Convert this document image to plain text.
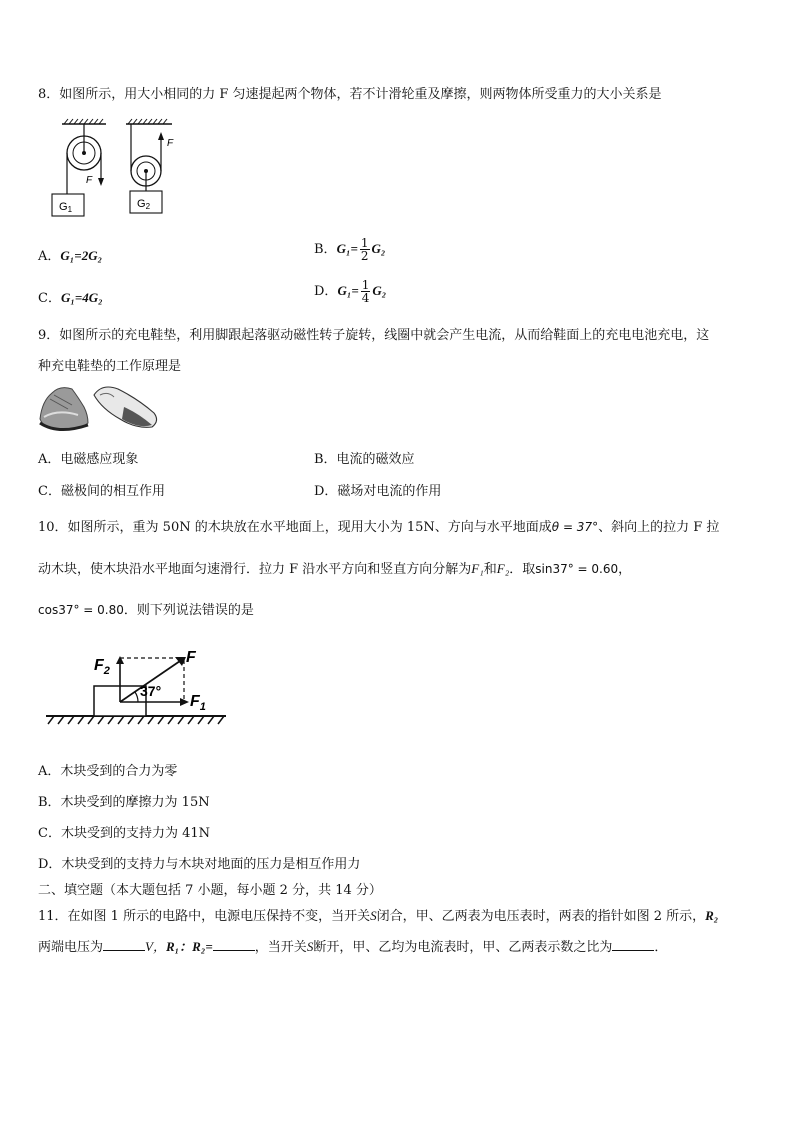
8．如图所示，用大小相同的力 F 匀速提起两个物体，若不计滑轮重及摩擦，则两物体所受重力的大小关系是
F
G1
F
G2
A．G₁=2G₂	B．$G_1= \frac{1}{2} G_2$
C．G₁=4G₂	D．$G_1= \frac{1}{4} G_2$
9．如图所示的充电鞋垫，利用脚跟起落驱动磁性转子旋转，线圈中就会产生电流，从而给鞋面上的充电电池充电，这
种充电鞋垫的工作原理是
A．电磁感应现象	B．电流的磁效应
C．磁极间的相互作用	D．磁场对电流的作用
10．如图所示，重为 50N 的木块放在水平地面上，现用大小为 15N、方向与水平地面成θ = 37°、斜向上的拉力 F 拉
动木块，使木块沿水平地面匀速滑行．拉力 F 沿水平方向和竖直方向分解为F₁和F₂．取sin37° = 0.60，
cos37° = 0.80．则下列说法错误的是
37°
$F_2$
F
$F_1$
A．木块受到的合力为零
B．木块受到的摩擦力为 15N
C．木块受到的支持力为 41N
D．木块受到的支持力与木块对地面的压力是相互作用力
二、填空题（本大题包括 7 小题，每小题 2 分，共 14 分）
11．在如图 1 所示的电路中，电源电压保持不变，当开关S闭合，甲、乙两表为电压表时，两表的指针如图 2 所示，R₂
两端电压为	V，R₁：R₂=	，当开关S断开，甲、乙均为电流表时，甲、乙两表示数之比为	．
